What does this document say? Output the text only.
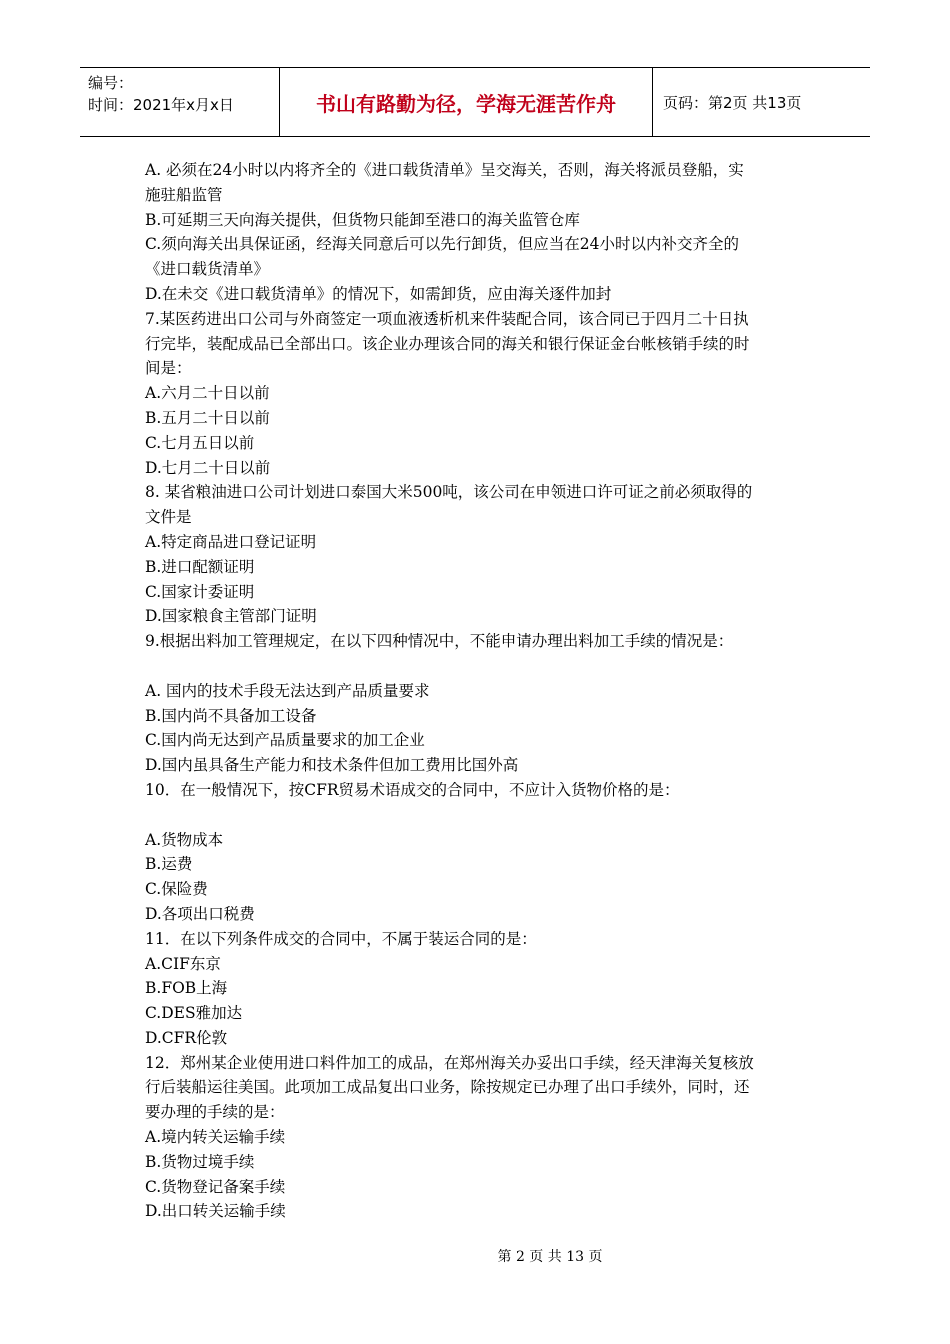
编号：
时间：2021年x月x日	书山有路勤为径，学海无涯苦作舟	页码：第2页 共13页
A. 必须在24小时以内将齐全的《进口载货清单》呈交海关，否则，海关将派员登船，实
施驻船监管
B.可延期三天向海关提供，但货物只能卸至港口的海关监管仓库
C.须向海关出具保证函，经海关同意后可以先行卸货，但应当在24小时以内补交齐全的
《进口载货清单》
D.在未交《进口载货清单》的情况下，如需卸货，应由海关逐件加封
7.某医药进出口公司与外商签定一项血液透析机来件装配合同，该合同已于四月二十日执
行完毕，装配成品已全部出口。该企业办理该合同的海关和银行保证金台帐核销手续的时
间是：
A.六月二十日以前
B.五月二十日以前
C.七月五日以前
D.七月二十日以前
8. 某省粮油进口公司计划进口泰国大米500吨，该公司在申领进口许可证之前必须取得的
文件是
A.特定商品进口登记证明
B.进口配额证明
C.国家计委证明
D.国家粮食主管部门证明
9.根据出料加工管理规定，在以下四种情况中，不能申请办理出料加工手续的情况是：
A. 国内的技术手段无法达到产品质量要求
B.国内尚不具备加工设备
C.国内尚无达到产品质量要求的加工企业
D.国内虽具备生产能力和技术条件但加工费用比国外高
10．在一般情况下，按CFR贸易术语成交的合同中，不应计入货物价格的是：
A.货物成本
B.运费
C.保险费
D.各项出口税费
11．在以下列条件成交的合同中，不属于装运合同的是：
A.CIF东京
B.FOB上海
C.DES雅加达
D.CFR伦敦
12．郑州某企业使用进口料件加工的成品，在郑州海关办妥出口手续，经天津海关复核放
行后装船运往美国。此项加工成品复出口业务，除按规定已办理了出口手续外，同时，还
要办理的手续的是：
A.境内转关运输手续
B.货物过境手续
C.货物登记备案手续
D.出口转关运输手续
第 2 页 共 13 页
